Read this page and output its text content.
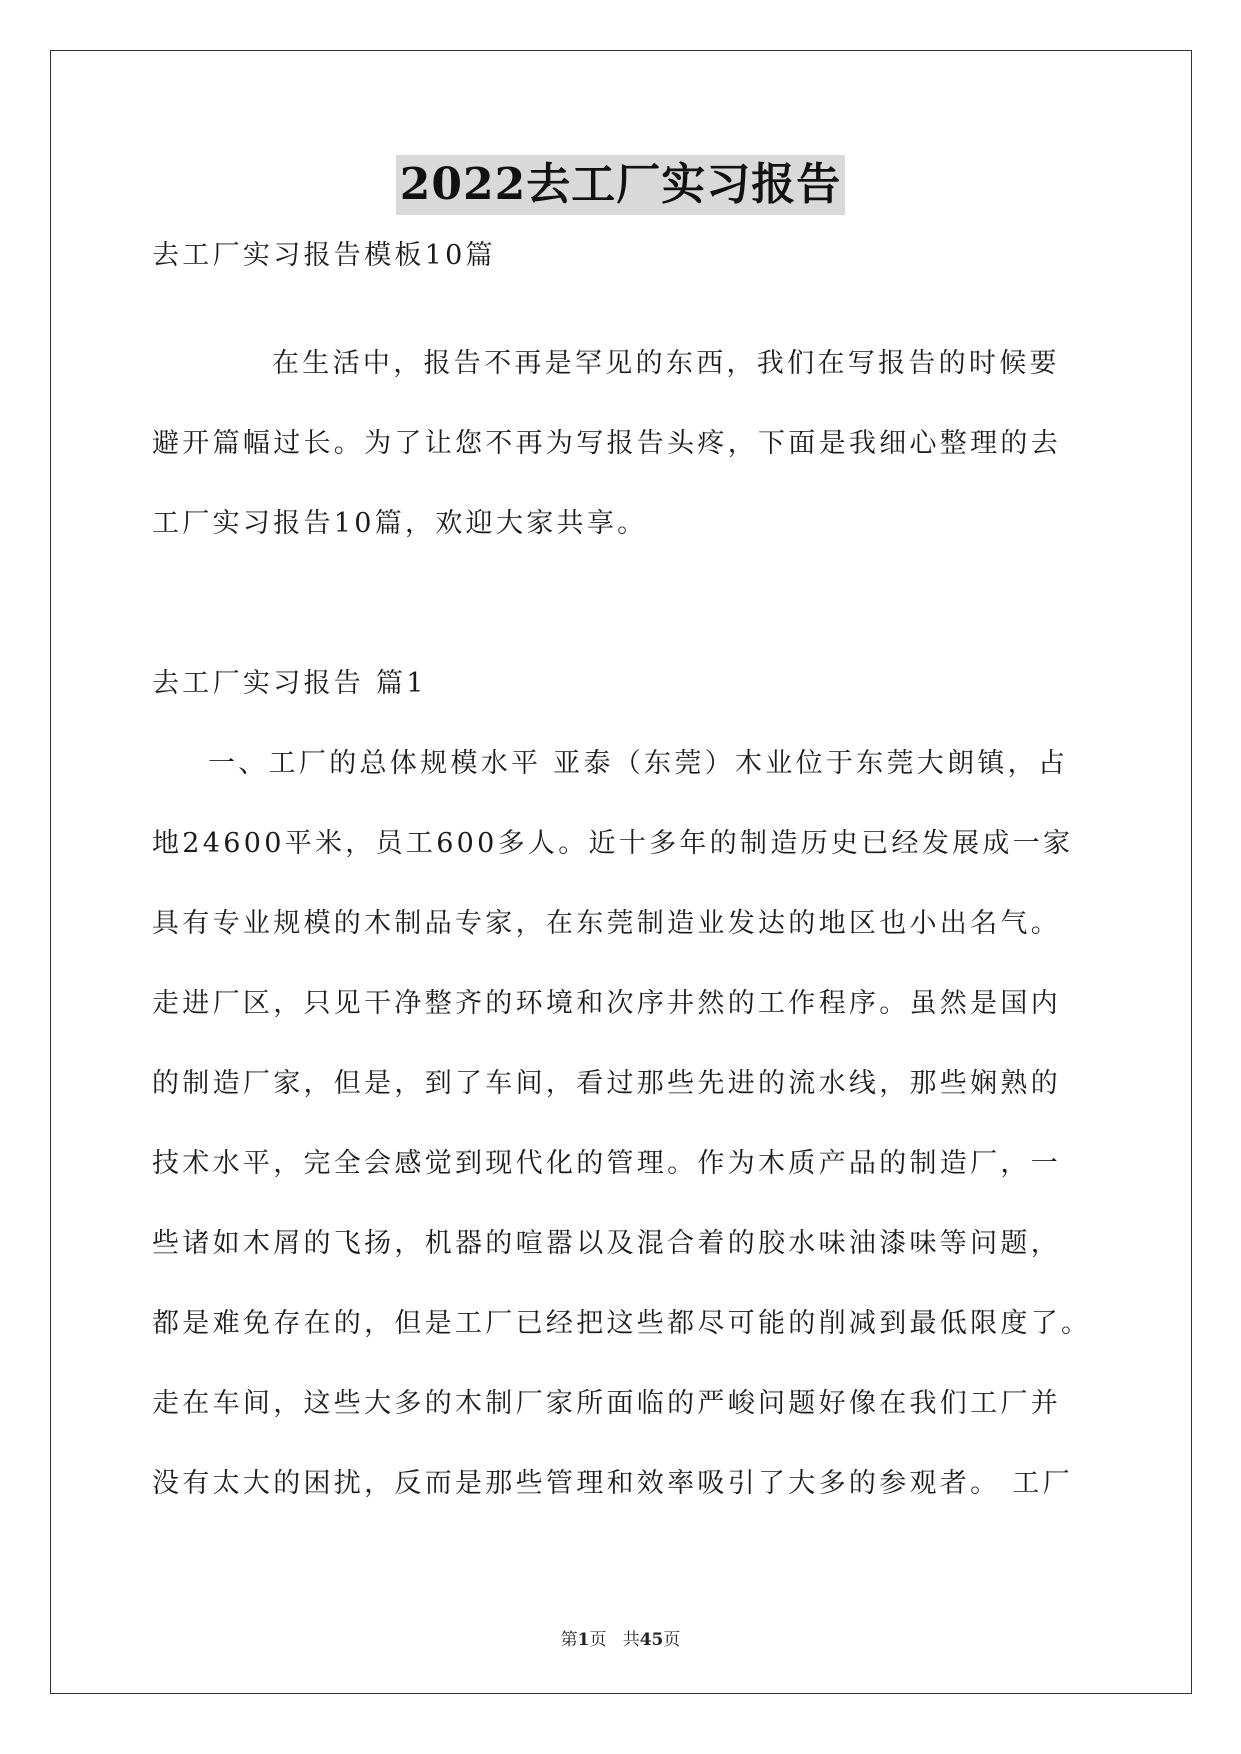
2022去工厂实习报告
去工厂实习报告模板10篇
在生活中，报告不再是罕见的东西，我们在写报告的时候要
避开篇幅过长。为了让您不再为写报告头疼，下面是我细心整理的去
工厂实习报告10篇，欢迎大家共享。
去工厂实习报告 篇1
一、工厂的总体规模水平 亚泰（东莞）木业位于东莞大朗镇，占
地24600平米，员工600多人。近十多年的制造历史已经发展成一家
具有专业规模的木制品专家，在东莞制造业发达的地区也小出名气。
走进厂区，只见干净整齐的环境和次序井然的工作程序。虽然是国内
的制造厂家，但是，到了车间，看过那些先进的流水线，那些娴熟的
技术水平，完全会感觉到现代化的管理。作为木质产品的制造厂，一
些诸如木屑的飞扬，机器的喧嚣以及混合着的胶水味油漆味等问题，
都是难免存在的，但是工厂已经把这些都尽可能的削减到最低限度了。
走在车间，这些大多的木制厂家所面临的严峻问题好像在我们工厂并
没有太大的困扰，反而是那些管理和效率吸引了大多的参观者。 工厂
第1页 共45页
